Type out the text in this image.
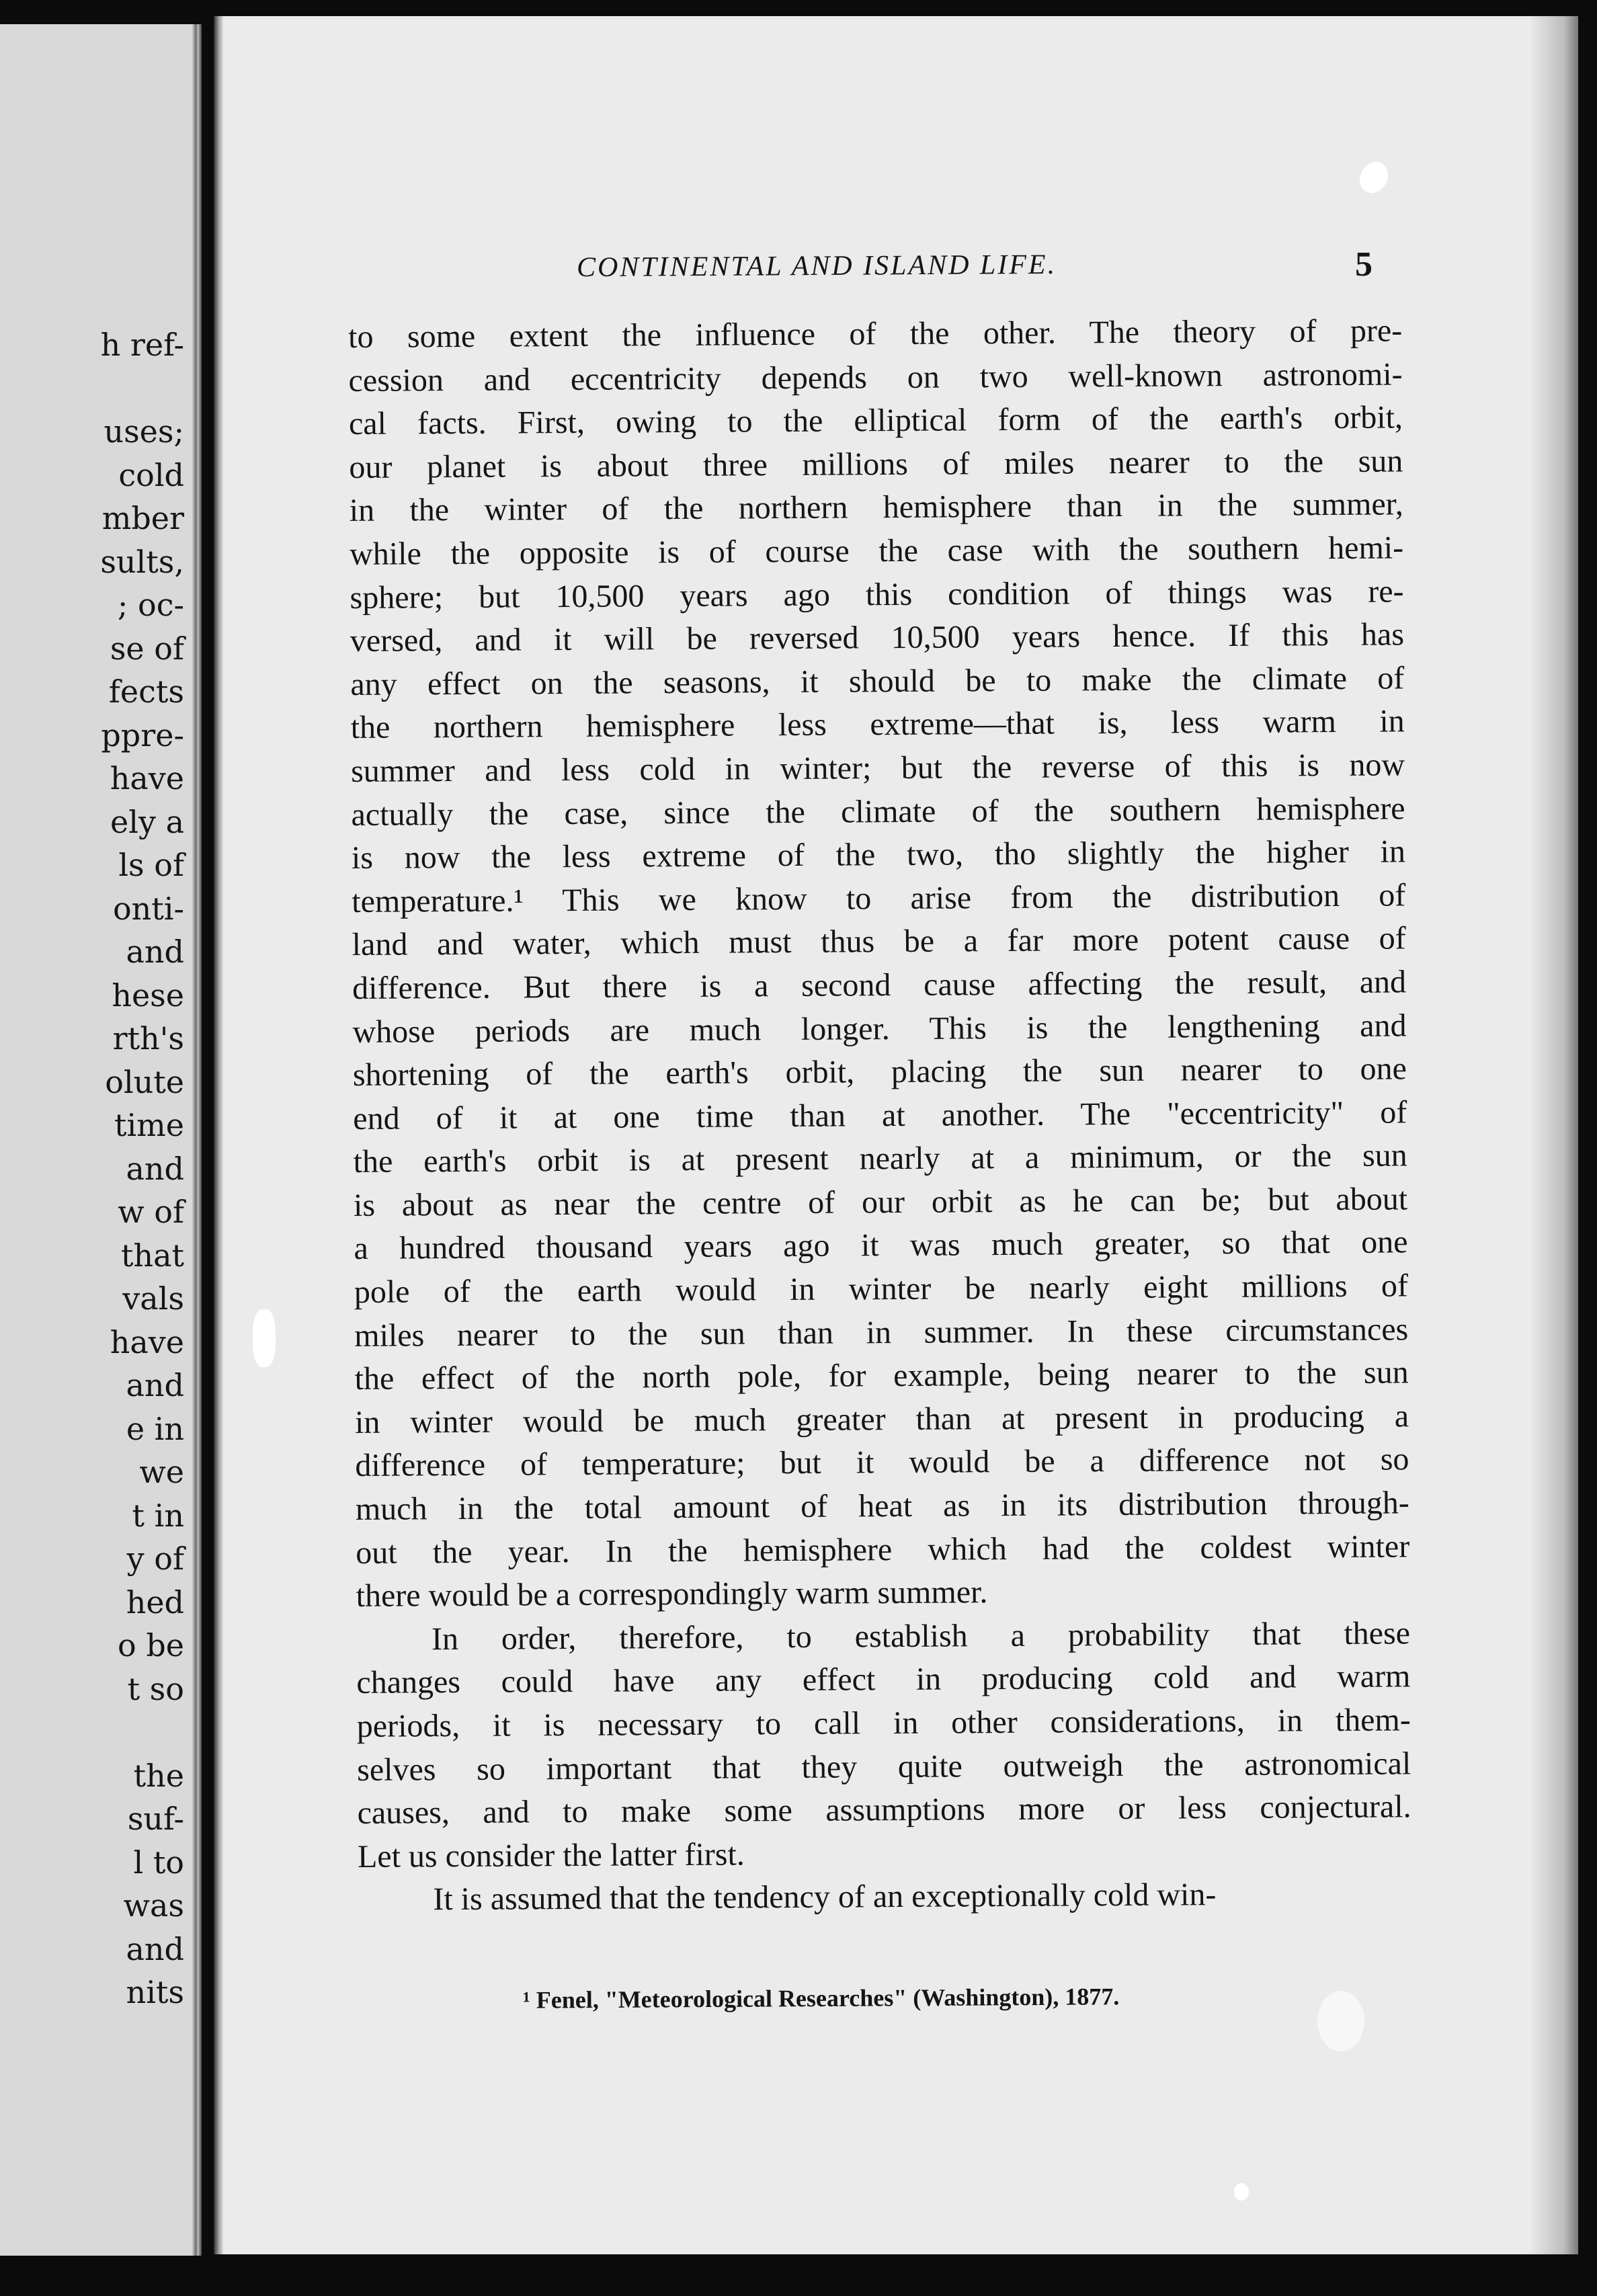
h ref-
uses;
cold
mber
sults,
; oc-
se of
fects
ppre-
have
ely a
ls of
onti-
and
hese
rth's
olute
time
and
w of
that
vals
have
and
e in
we
t in
y of
hed
o be
t so
the
suf-
l to
was
and
nits
CONTINENTAL AND ISLAND LIFE.	5
to some extent the influence of the other. The theory of pre-
cession and eccentricity depends on two well-known astronomi-
cal facts. First, owing to the elliptical form of the earth's orbit,
our planet is about three millions of miles nearer to the sun
in the winter of the northern hemisphere than in the summer,
while the opposite is of course the case with the southern hemi-
sphere; but 10,500 years ago this condition of things was re-
versed, and it will be reversed 10,500 years hence. If this has
any effect on the seasons, it should be to make the climate of
the northern hemisphere less extreme—that is, less warm in
summer and less cold in winter; but the reverse of this is now
actually the case, since the climate of the southern hemisphere
is now the less extreme of the two, tho slightly the higher in
temperature.¹ This we know to arise from the distribution of
land and water, which must thus be a far more potent cause of
difference. But there is a second cause affecting the result, and
whose periods are much longer. This is the lengthening and
shortening of the earth's orbit, placing the sun nearer to one
end of it at one time than at another. The "eccentricity" of
the earth's orbit is at present nearly at a minimum, or the sun
is about as near the centre of our orbit as he can be; but about
a hundred thousand years ago it was much greater, so that one
pole of the earth would in winter be nearly eight millions of
miles nearer to the sun than in summer. In these circumstances
the effect of the north pole, for example, being nearer to the sun
in winter would be much greater than at present in producing a
difference of temperature; but it would be a difference not so
much in the total amount of heat as in its distribution through-
out the year. In the hemisphere which had the coldest winter
there would be a correspondingly warm summer.
In order, therefore, to establish a probability that these
changes could have any effect in producing cold and warm
periods, it is necessary to call in other considerations, in them-
selves so important that they quite outweigh the astronomical
causes, and to make some assumptions more or less conjectural.
Let us consider the latter first.
It is assumed that the tendency of an exceptionally cold win-
¹ Fenel, "Meteorological Researches" (Washington), 1877.
